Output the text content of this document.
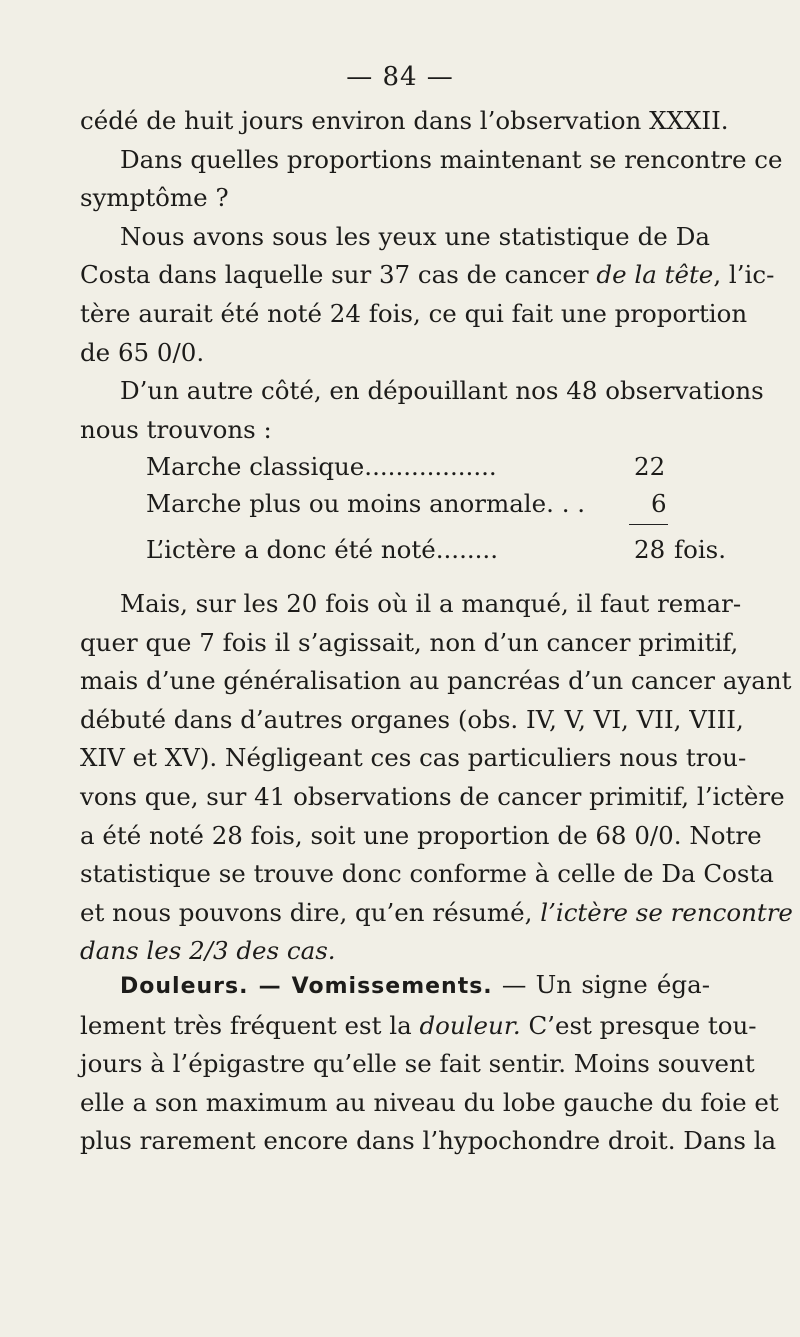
— 84 —
cédé de huit jours environ dans l’observation XXXII.
Dans quelles proportions maintenant se rencontre ce
symptôme ?
Nous avons sous les yeux une statistique de Da
Costa dans laquelle sur 37 cas de cancer de la tête, l’ic-
tère aurait été noté 24 fois, ce qui fait une proportion
de 65 0/0.
D’un autre côté, en dépouillant nos 48 observations
nous trouvons :
Marche classique.................	22
Marche plus ou moins anormale. . .	6
L’ictère a donc été noté........	28 fois.
Mais, sur les 20 fois où il a manqué, il faut remar-
quer que 7 fois il s’agissait, non d’un cancer primitif,
mais d’une généralisation au pancréas d’un cancer ayant
débuté dans d’autres organes (obs. IV, V, VI, VII, VIII,
XIV et XV). Négligeant ces cas particuliers nous trou-
vons que, sur 41 observations de cancer primitif, l’ictère
a été noté 28 fois, soit une proportion de 68 0/0. Notre
statistique se trouve donc conforme à celle de Da Costa
et nous pouvons dire, qu’en résumé, l’ictère se rencontre
dans les 2/3 des cas.
Douleurs. — Vomissements. — Un signe éga-
lement très fréquent est la douleur. C’est presque tou-
jours à l’épigastre qu’elle se fait sentir. Moins souvent
elle a son maximum au niveau du lobe gauche du foie et
plus rarement encore dans l’hypochondre droit. Dans la
